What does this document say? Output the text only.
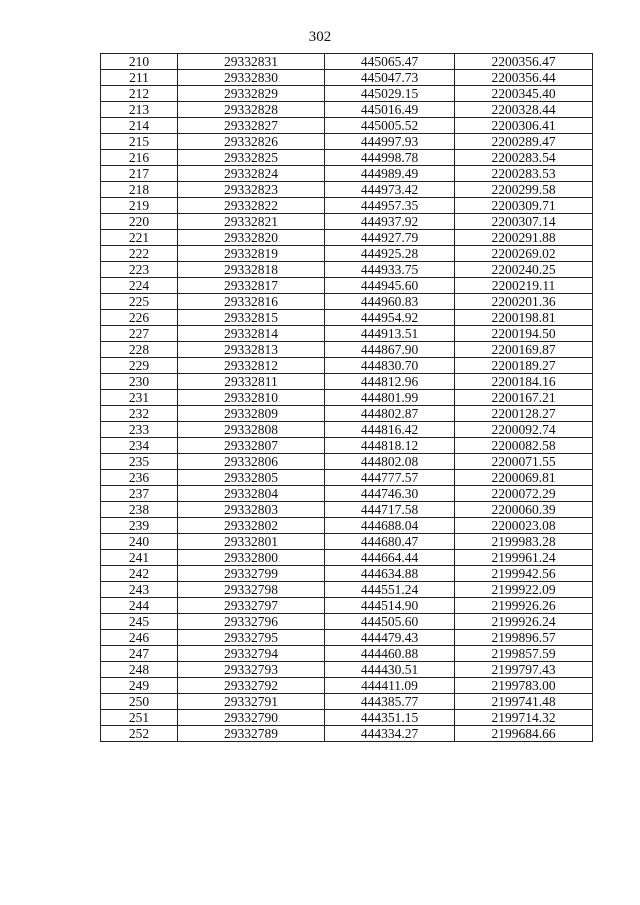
302
210	29332831	445065.47	2200356.47
211	29332830	445047.73	2200356.44
212	29332829	445029.15	2200345.40
213	29332828	445016.49	2200328.44
214	29332827	445005.52	2200306.41
215	29332826	444997.93	2200289.47
216	29332825	444998.78	2200283.54
217	29332824	444989.49	2200283.53
218	29332823	444973.42	2200299.58
219	29332822	444957.35	2200309.71
220	29332821	444937.92	2200307.14
221	29332820	444927.79	2200291.88
222	29332819	444925.28	2200269.02
223	29332818	444933.75	2200240.25
224	29332817	444945.60	2200219.11
225	29332816	444960.83	2200201.36
226	29332815	444954.92	2200198.81
227	29332814	444913.51	2200194.50
228	29332813	444867.90	2200169.87
229	29332812	444830.70	2200189.27
230	29332811	444812.96	2200184.16
231	29332810	444801.99	2200167.21
232	29332809	444802.87	2200128.27
233	29332808	444816.42	2200092.74
234	29332807	444818.12	2200082.58
235	29332806	444802.08	2200071.55
236	29332805	444777.57	2200069.81
237	29332804	444746.30	2200072.29
238	29332803	444717.58	2200060.39
239	29332802	444688.04	2200023.08
240	29332801	444680.47	2199983.28
241	29332800	444664.44	2199961.24
242	29332799	444634.88	2199942.56
243	29332798	444551.24	2199922.09
244	29332797	444514.90	2199926.26
245	29332796	444505.60	2199926.24
246	29332795	444479.43	2199896.57
247	29332794	444460.88	2199857.59
248	29332793	444430.51	2199797.43
249	29332792	444411.09	2199783.00
250	29332791	444385.77	2199741.48
251	29332790	444351.15	2199714.32
252	29332789	444334.27	2199684.66
